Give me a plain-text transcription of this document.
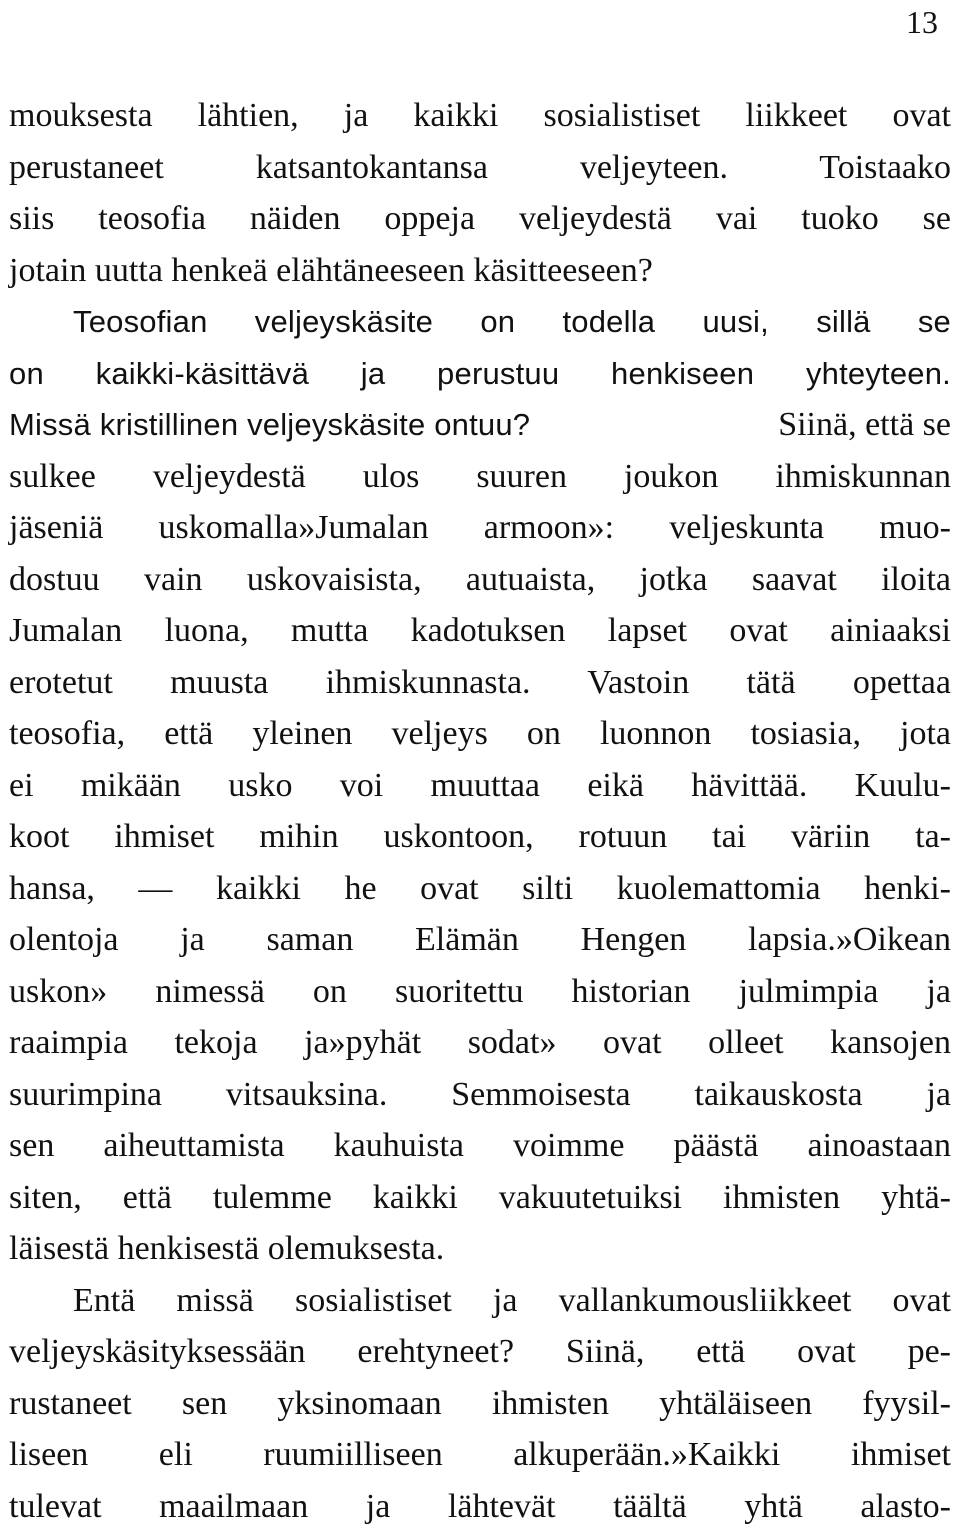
13
mouksesta lähtien, ja kaikki sosialistiset liikkeet ovat
perustaneet katsantokantansa veljeyteen. Toistaako
siis teosofia näiden oppeja veljeydestä vai tuoko se
jotain uutta henkeä elähtäneeseen käsitteeseen?
Teosofian veljeyskäsite on todella uusi, sillä se
on kaikki-käsittävä ja perustuu henkiseen yhteyteen.
Missä kristillinen veljeyskäsite ontuu?	Siinä, että se
sulkee veljeydestä ulos suuren joukon ihmiskunnan
jäseniä uskomalla»Jumalan armoon»: veljeskunta muo-
dostuu vain uskovaisista, autuaista, jotka saavat iloita
Jumalan luona, mutta kadotuksen lapset ovat ainiaaksi
erotetut muusta ihmiskunnasta. Vastoin tätä opettaa
teosofia, että yleinen veljeys on luonnon tosiasia, jota
ei mikään usko voi muuttaa eikä hävittää. Kuulu-
koot ihmiset mihin uskontoon, rotuun tai väriin ta-
hansa, — kaikki he ovat silti kuolemattomia henki-
olentoja ja saman Elämän Hengen lapsia.»Oikean
uskon» nimessä on suoritettu historian julmimpia ja
raaimpia tekoja ja»pyhät sodat» ovat olleet kansojen
suurimpina vitsauksina. Semmoisesta taikauskosta ja
sen aiheuttamista kauhuista voimme päästä ainoastaan
siten, että tulemme kaikki vakuutetuiksi ihmisten yhtä-
läisestä henkisestä olemuksesta.
Entä missä sosialistiset ja vallankumousliikkeet ovat
veljeyskäsityksessään erehtyneet? Siinä, että ovat pe-
rustaneet sen yksinomaan ihmisten yhtäläiseen fyysil-
liseen eli ruumiilliseen alkuperään.»Kaikki ihmiset
tulevat maailmaan ja lähtevät täältä yhtä alasto-
